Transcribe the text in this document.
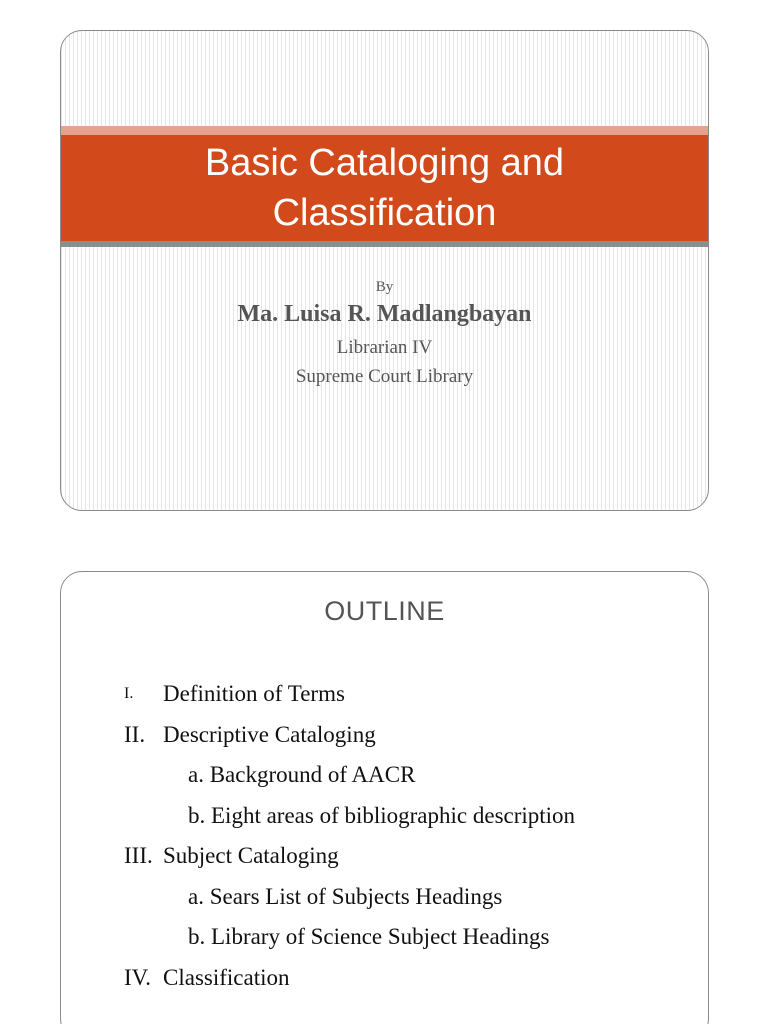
Basic Cataloging and
Classification
By
Ma. Luisa R. Madlangbayan
Librarian IV
Supreme Court Library
OUTLINE
I. Definition of Terms
II. Descriptive Cataloging
a. Background of AACR
b. Eight areas of bibliographic description
III. Subject Cataloging
a. Sears List of Subjects Headings
b. Library of Science Subject Headings
IV. Classification
